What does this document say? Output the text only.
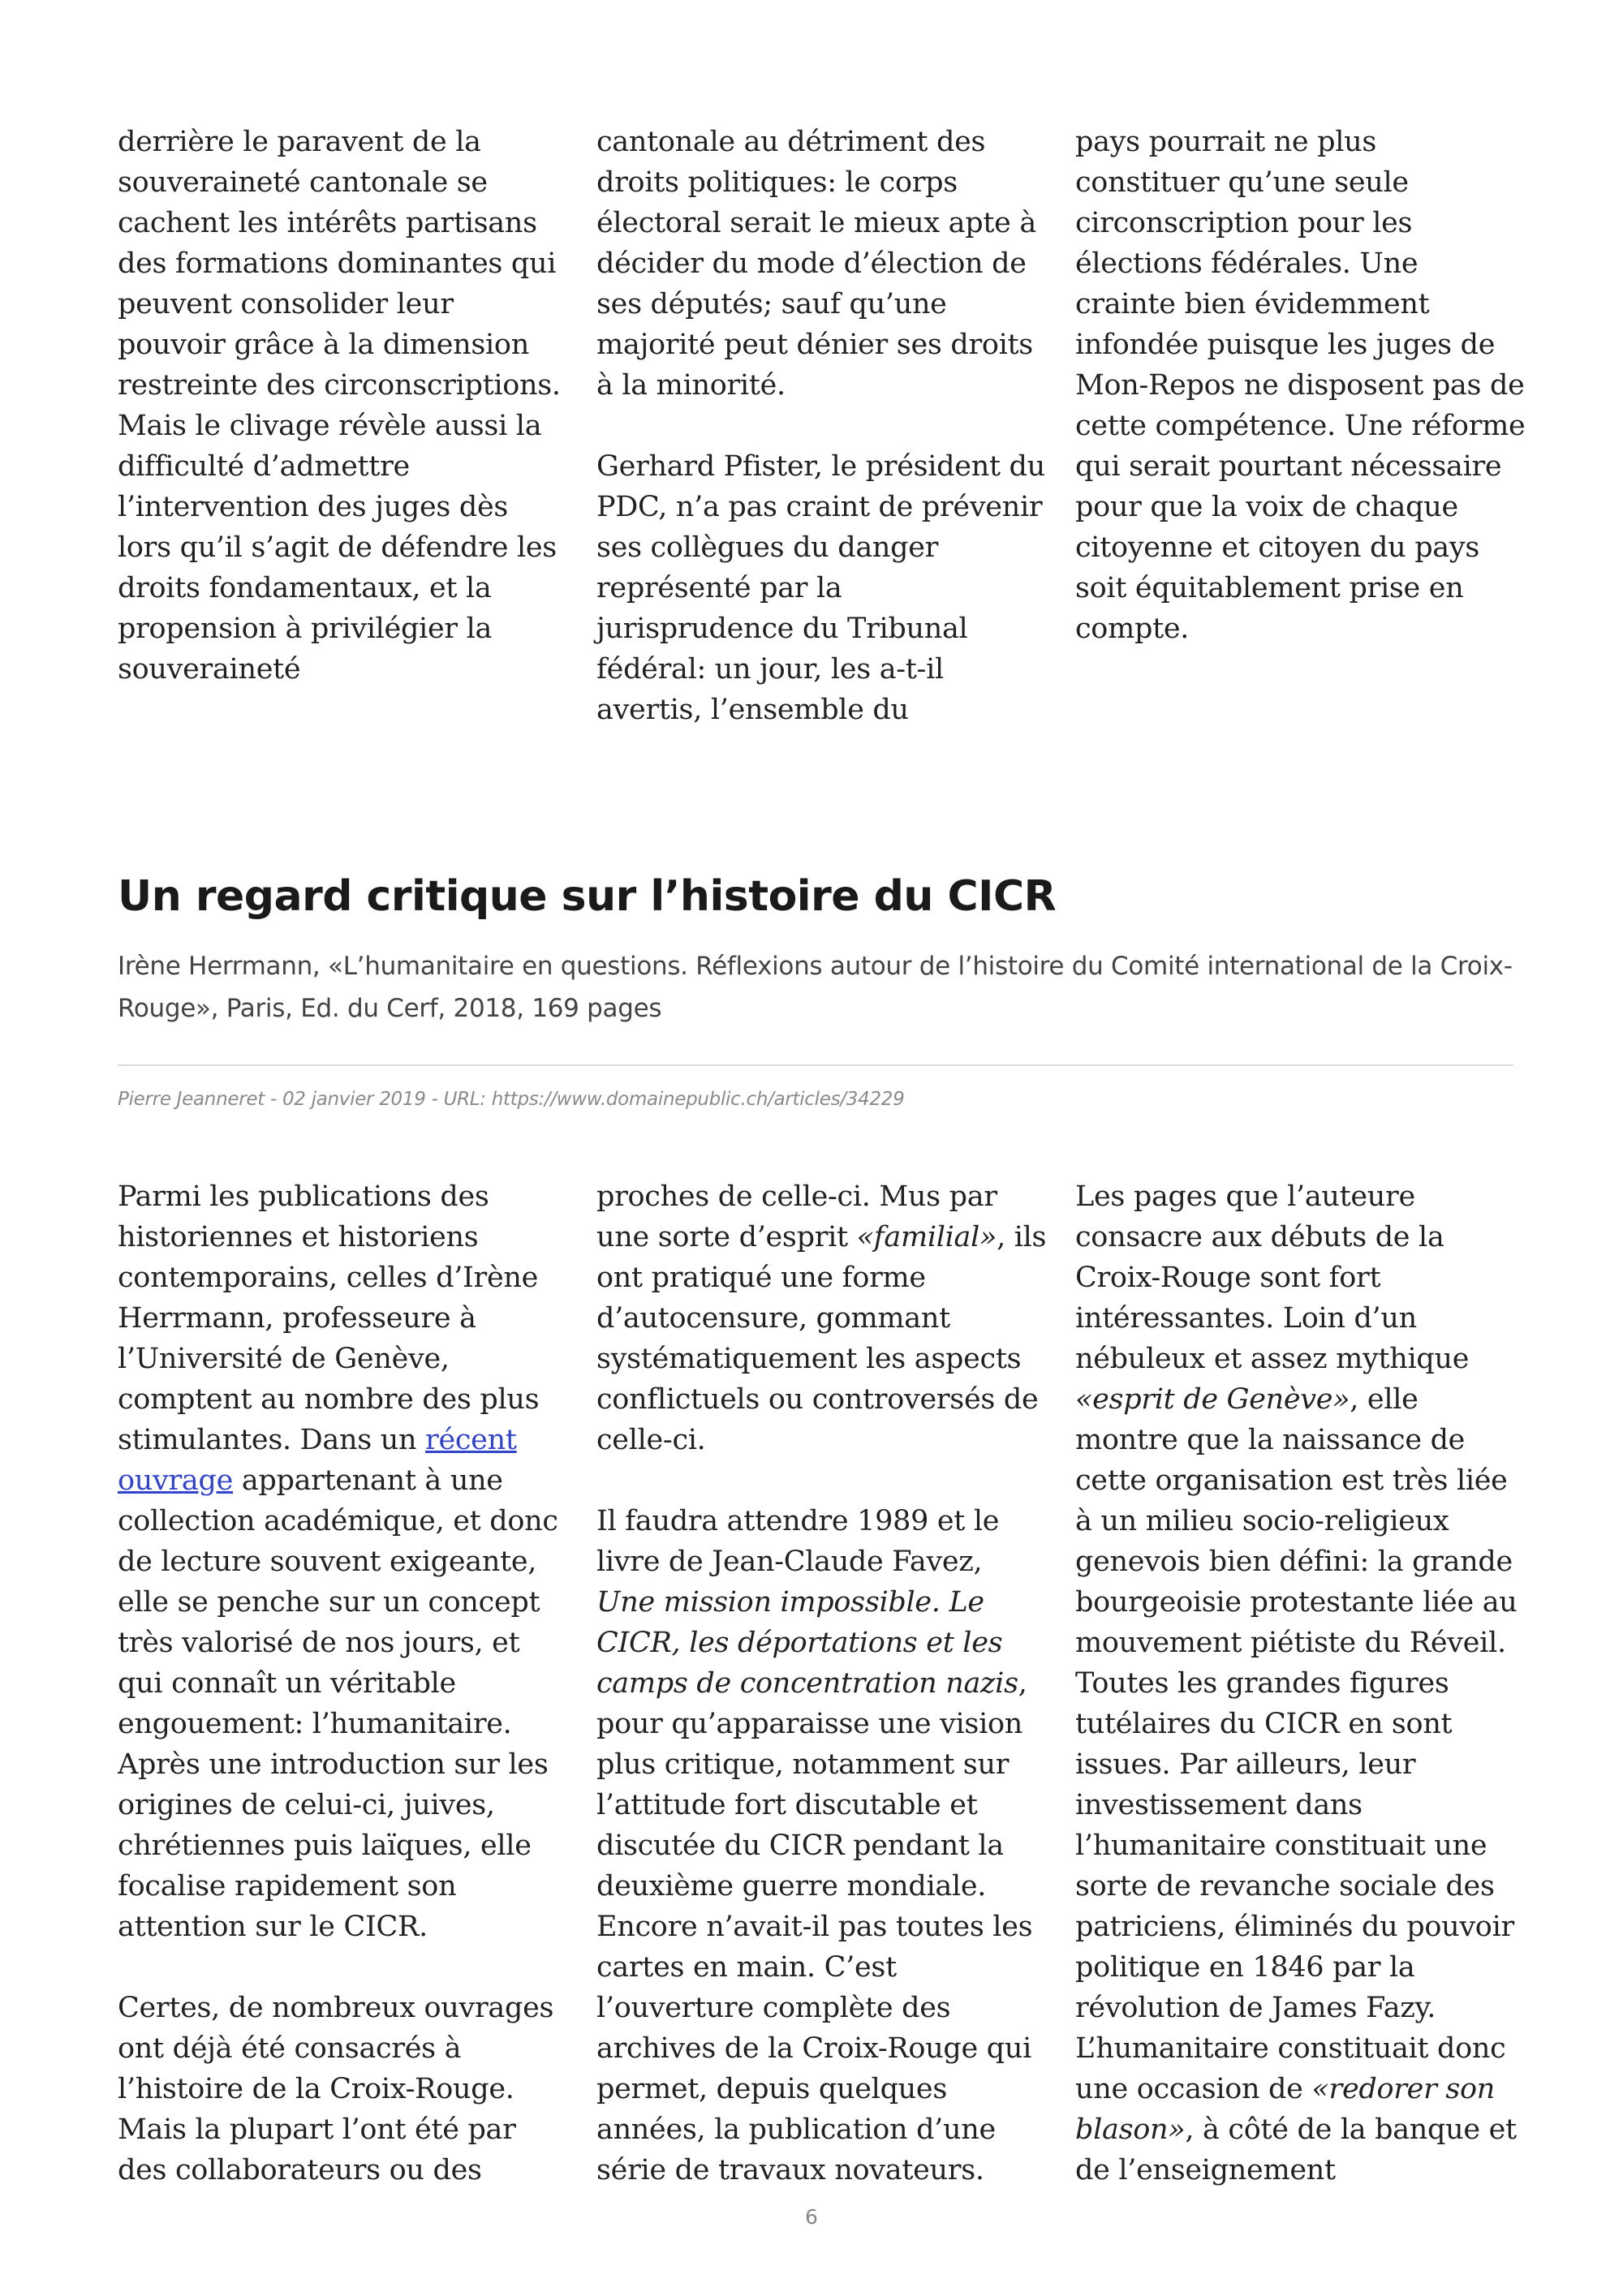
derrière le paravent de la souveraineté cantonale se cachent les intérêts partisans des formations dominantes qui peuvent consolider leur pouvoir grâce à la dimension restreinte des circonscriptions. Mais le clivage révèle aussi la difficulté d’admettre l’intervention des juges dès lors qu’il s’agit de défendre les droits fondamentaux, et la propension à privilégier la souveraineté

cantonale au détriment des droits politiques: le corps électoral serait le mieux apte à décider du mode d’élection de ses députés; sauf qu’une majorité peut dénier ses droits à la minorité.

Gerhard Pfister, le président du PDC, n’a pas craint de prévenir ses collègues du danger représenté par la jurisprudence du Tribunal fédéral: un jour, les a-t-il avertis, l’ensemble du

pays pourrait ne plus constituer qu’une seule circonscription pour les élections fédérales. Une crainte bien évidemment infondée puisque les juges de Mon-Repos ne disposent pas de cette compétence. Une réforme qui serait pourtant nécessaire pour que la voix de chaque citoyenne et citoyen du pays soit équitablement prise en compte.

Un regard critique sur l’histoire du CICR

Irène Herrmann, «L’humanitaire en questions. Réflexions autour de l’histoire du Comité international de la Croix-Rouge», Paris, Ed. du Cerf, 2018, 169 pages

Pierre Jeanneret - 02 janvier 2019 - URL: https://www.domainepublic.ch/articles/34229

Parmi les publications des historiennes et historiens contemporains, celles d’Irène Herrmann, professeure à l’Université de Genève, comptent au nombre des plus stimulantes. Dans un récent ouvrage appartenant à une collection académique, et donc de lecture souvent exigeante, elle se penche sur un concept très valorisé de nos jours, et qui connaît un véritable engouement: l’humanitaire. Après une introduction sur les origines de celui-ci, juives, chrétiennes puis laïques, elle focalise rapidement son attention sur le CICR.

Certes, de nombreux ouvrages ont déjà été consacrés à l’histoire de la Croix-Rouge. Mais la plupart l’ont été par des collaborateurs ou des

proches de celle-ci. Mus par une sorte d’esprit «familial», ils ont pratiqué une forme d’autocensure, gommant systématiquement les aspects conflictuels ou controversés de celle-ci.

Il faudra attendre 1989 et le livre de Jean-Claude Favez, Une mission impossible. Le CICR, les déportations et les camps de concentration nazis, pour qu’apparaisse une vision plus critique, notamment sur l’attitude fort discutable et discutée du CICR pendant la deuxième guerre mondiale. Encore n’avait-il pas toutes les cartes en main. C’est l’ouverture complète des archives de la Croix-Rouge qui permet, depuis quelques années, la publication d’une série de travaux novateurs.

Les pages que l’auteure consacre aux débuts de la Croix-Rouge sont fort intéressantes. Loin d’un nébuleux et assez mythique «esprit de Genève», elle montre que la naissance de cette organisation est très liée à un milieu socio-religieux genevois bien défini: la grande bourgeoisie protestante liée au mouvement piétiste du Réveil. Toutes les grandes figures tutélaires du CICR en sont issues. Par ailleurs, leur investissement dans l’humanitaire constituait une sorte de revanche sociale des patriciens, éliminés du pouvoir politique en 1846 par la révolution de James Fazy. L’humanitaire constituait donc une occasion de «redorer son blason», à côté de la banque et de l’enseignement

6
